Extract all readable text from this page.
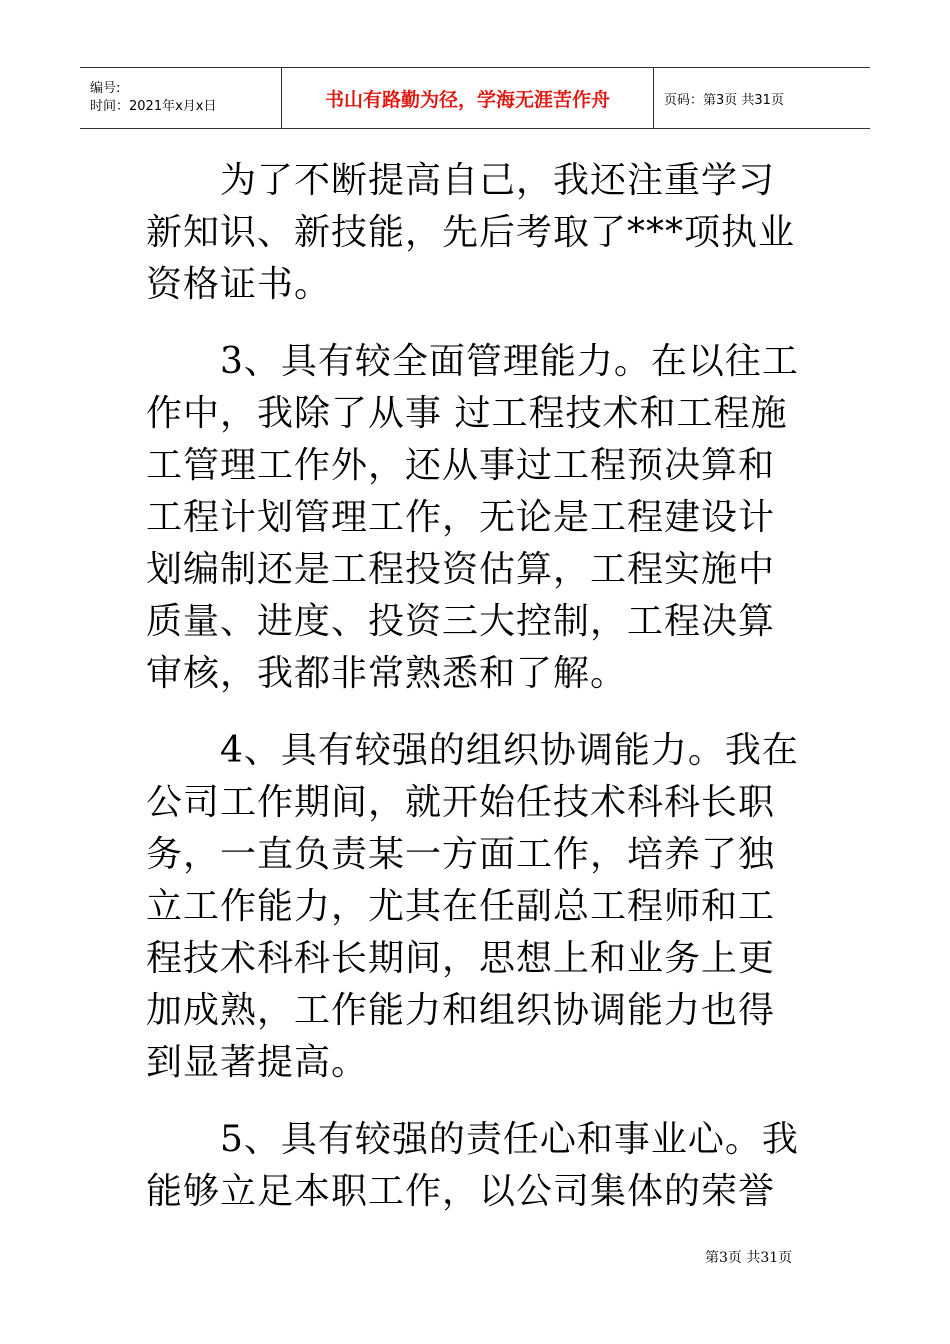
编号:
时间：2021年x月x日	书山有路勤为径，学海无涯苦作舟	页码：第3页 共31页

为了不断提高自己，我还注重学习新知识、新技能，先后考取了***项执业资格证书。

3、具有较全面管理能力。在以往工作中，我除了从事 过工程技术和工程施工管理工作外，还从事过工程预决算和工程计划管理工作，无论是工程建设计划编制还是工程投资估算，工程实施中质量、进度、投资三大控制，工程决算审核，我都非常熟悉和了解。

4、具有较强的组织协调能力。我在公司工作期间，就开始任技术科科长职务，一直负责某一方面工作，培养了独立工作能力，尤其在任副总工程师和工程技术科科长期间，思想上和业务上更加成熟，工作能力和组织协调能力也得到显著提高。

5、具有较强的责任心和事业心。我能够立足本职工作，以公司集体的荣誉

第3页 共31页
